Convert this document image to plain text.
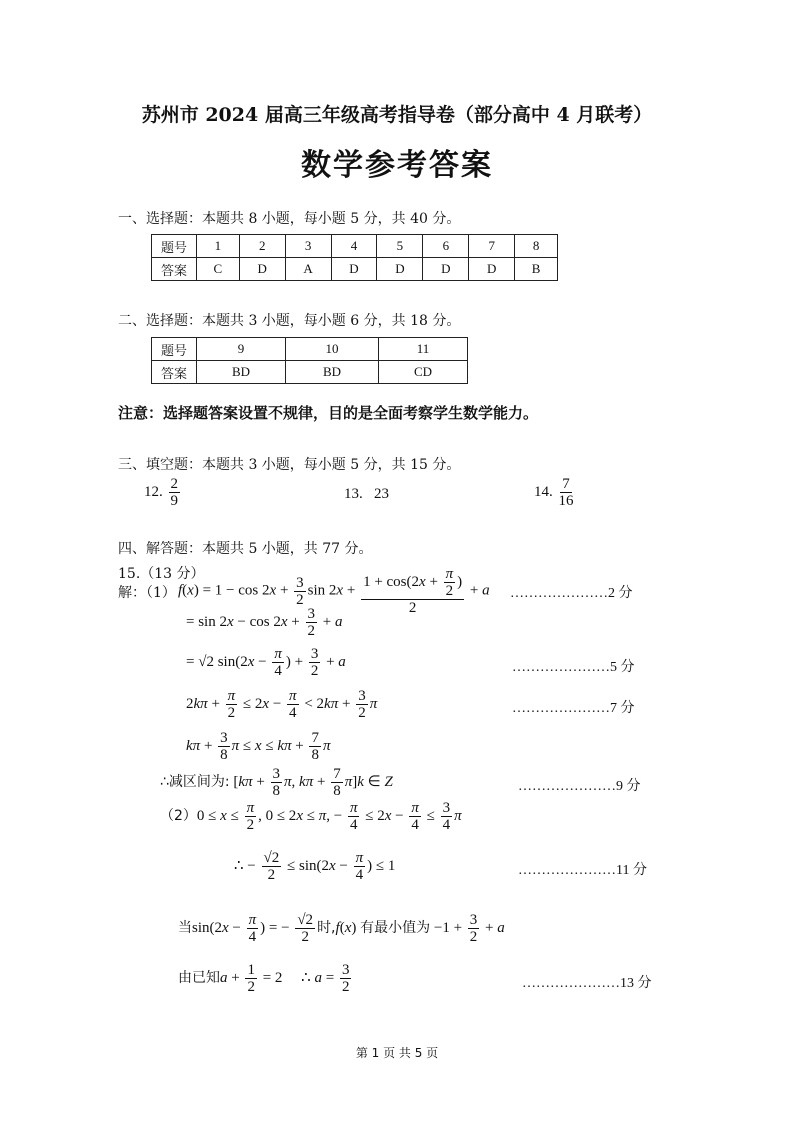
苏州市 2024 届高三年级高考指导卷（部分高中 4 月联考）
数学参考答案
一、选择题：本题共 8 小题，每小题 5 分，共 40 分。
题号	1	2	3	4	5	6	7	8
答案	C	D	A	D	D	D	D	B
二、选择题：本题共 3 小题，每小题 6 分，共 18 分。
题号	9	10	11
答案	BD	BD	CD
注意：选择题答案设置不规律，目的是全面考察学生数学能力。
三、填空题：本题共 3 小题，每小题 5 分，共 15 分。
12. $\frac{2}{9}$	13. 23	14. $\frac{7}{16}$
四、解答题：本题共 5 小题，共 77 分。
15.（13 分）
解：（1） $f(x) = 1 - \cos 2x + \frac{3}{2}$ $\sin 2x + \frac{1 + \cos(2x + \frac{\pi}{2} )}{2} + a$ …………………2 分
= $\sin 2x - \cos 2x + \frac{3}{2} + a$
= √2 $\sin(2x - \frac{\pi}{4}$ ) + $\frac{3}{2} + a$	…………………5 分
$2k\pi + \frac{\pi}{2} \le 2x - \frac{\pi}{4} < 2k\pi + \frac{3}{2}$ π	…………………7 分
$k\pi + \frac{3}{8}$ $\pi \le x \le k\pi + \frac{7}{8}$ π
∴减区间为: [$k\pi + \frac{3}{8} \pi$, $k\pi + \frac{7}{8} \pi]k$ ∈ Z	…………………9 分
$(2)0 \le x \le \frac{\pi}{2}$ , 0 ≤ 2x ≤ π, − $\frac{\pi}{4} \le 2x - \frac{\pi}{4} \le \frac{3}{4}$ π
∴ − $\frac{√2}{2} \le \sin(2x - \frac{\pi}{4}$ ) ≤ 1	…………………11 分
当$\sin(2x - \frac{\pi}{4}$ ) = − $\frac{√2}{2}$ 时,f(x) 有最小值为 $-1 + \frac{3}{2} + a$
由已知$a + \frac{1}{2} = 2$     ∴ $a = \frac{3}{2}$	…………………13 分
第 1 页 共 5 页
